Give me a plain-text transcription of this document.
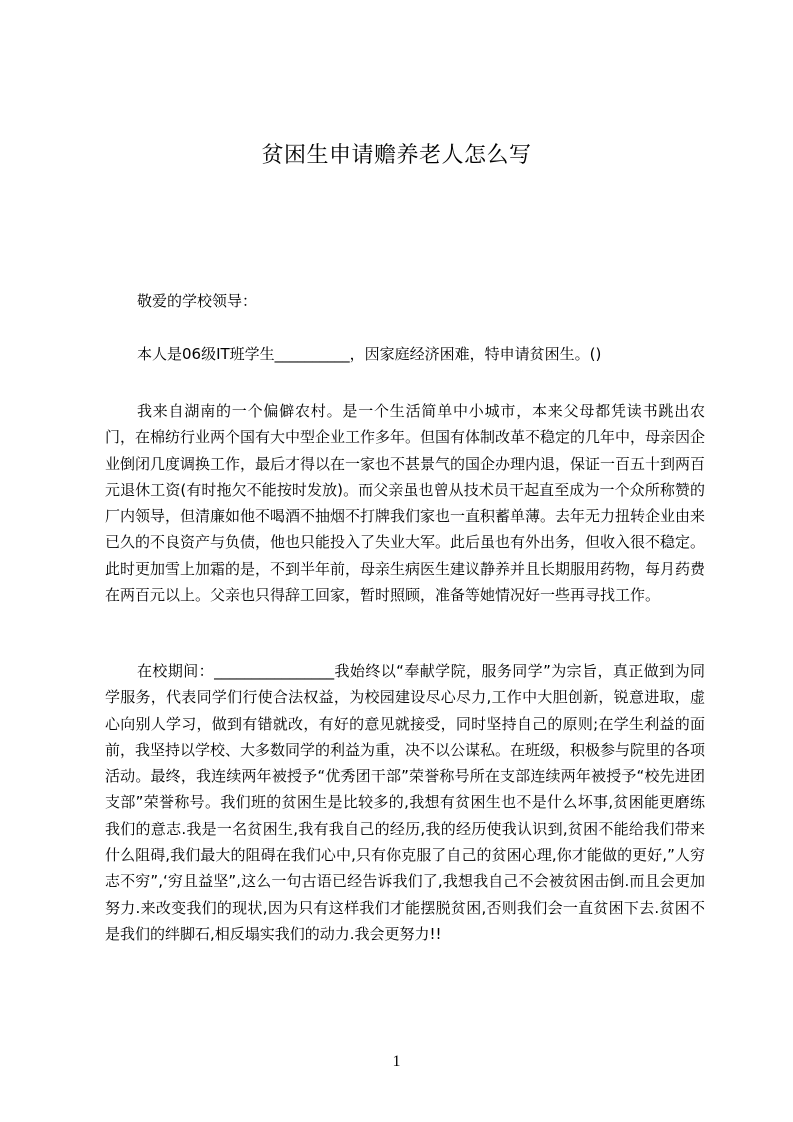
贫困生申请赡养老人怎么写
敬爱的学校领导：
本人是06级IT班学生__________，因家庭经济困难，特申请贫困生。()
我来自湖南的一个偏僻农村。是一个生活简单中小城市，本来父母都凭读书跳出农门，在棉纺行业两个国有大中型企业工作多年。但国有体制改革不稳定的几年中，母亲因企业倒闭几度调换工作，最后才得以在一家也不甚景气的国企办理内退，保证一百五十到两百元退休工资(有时拖欠不能按时发放)。而父亲虽也曾从技术员干起直至成为一个众所称赞的厂内领导，但清廉如他不喝酒不抽烟不打牌我们家也一直积蓄单薄。去年无力扭转企业由来已久的不良资产与负债，他也只能投入了失业大军。此后虽也有外出务，但收入很不稳定。此时更加雪上加霜的是，不到半年前，母亲生病医生建议静养并且长期服用药物，每月药费在两百元以上。父亲也只得辞工回家，暂时照顾，准备等她情况好一些再寻找工作。
在校期间：________________我始终以“奉献学院，服务同学”为宗旨，真正做到为同学服务，代表同学们行使合法权益，为校园建设尽心尽力,工作中大胆创新，锐意进取，虚心向别人学习，做到有错就改，有好的意见就接受，同时坚持自己的原则;在学生利益的面前，我坚持以学校、大多数同学的利益为重，决不以公谋私。在班级，积极参与院里的各项活动。最终，我连续两年被授予“优秀团干部”荣誉称号所在支部连续两年被授予“校先进团支部”荣誉称号。我们班的贫困生是比较多的,我想有贫困生也不是什么坏事,贫困能更磨练我们的意志.我是一名贫困生,我有我自己的经历,我的经历使我认识到,贫困不能给我们带来什么阻碍,我们最大的阻碍在我们心中,只有你克服了自己的贫困心理,你才能做的更好,”人穷志不穷”,‘穷且益坚”,这么一句古语已经告诉我们了,我想我自己不会被贫困击倒.而且会更加努力.来改变我们的现状,因为只有这样我们才能摆脱贫困,否则我们会一直贫困下去.贫困不是我们的绊脚石,相反塌实我们的动力.我会更努力!!
1
